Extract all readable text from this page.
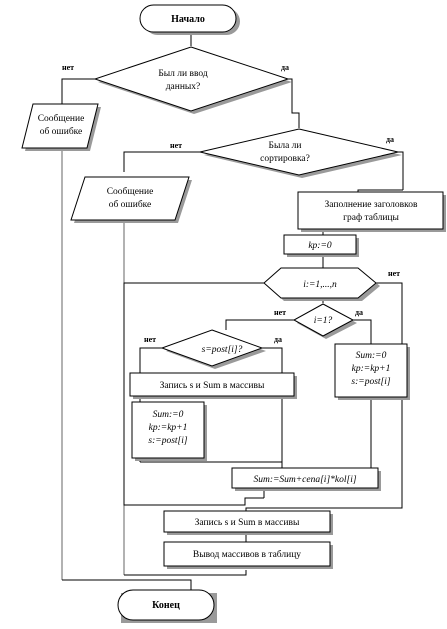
Начало
Был ли ввод
данных?
нет	да
Сообщение
об ошибке
Была ли
сортировка?
нет
да
Сообщение
об ошибке	Заполнение заголовков
граф таблицы
kp:=0
i:=1,...,n
нет
i=1?
нет	да
s=post[i]?
нет	да
Запись s и Sum в массивы
Sum:=0
kp:=kp+1
s:=post[i]
Sum:=0
kp:=kp+1
s:=post[i]
Sum:=Sum+cena[i]*kol[i]
Запись s и Sum в массивы
Вывод массивов в таблицу
Конец
